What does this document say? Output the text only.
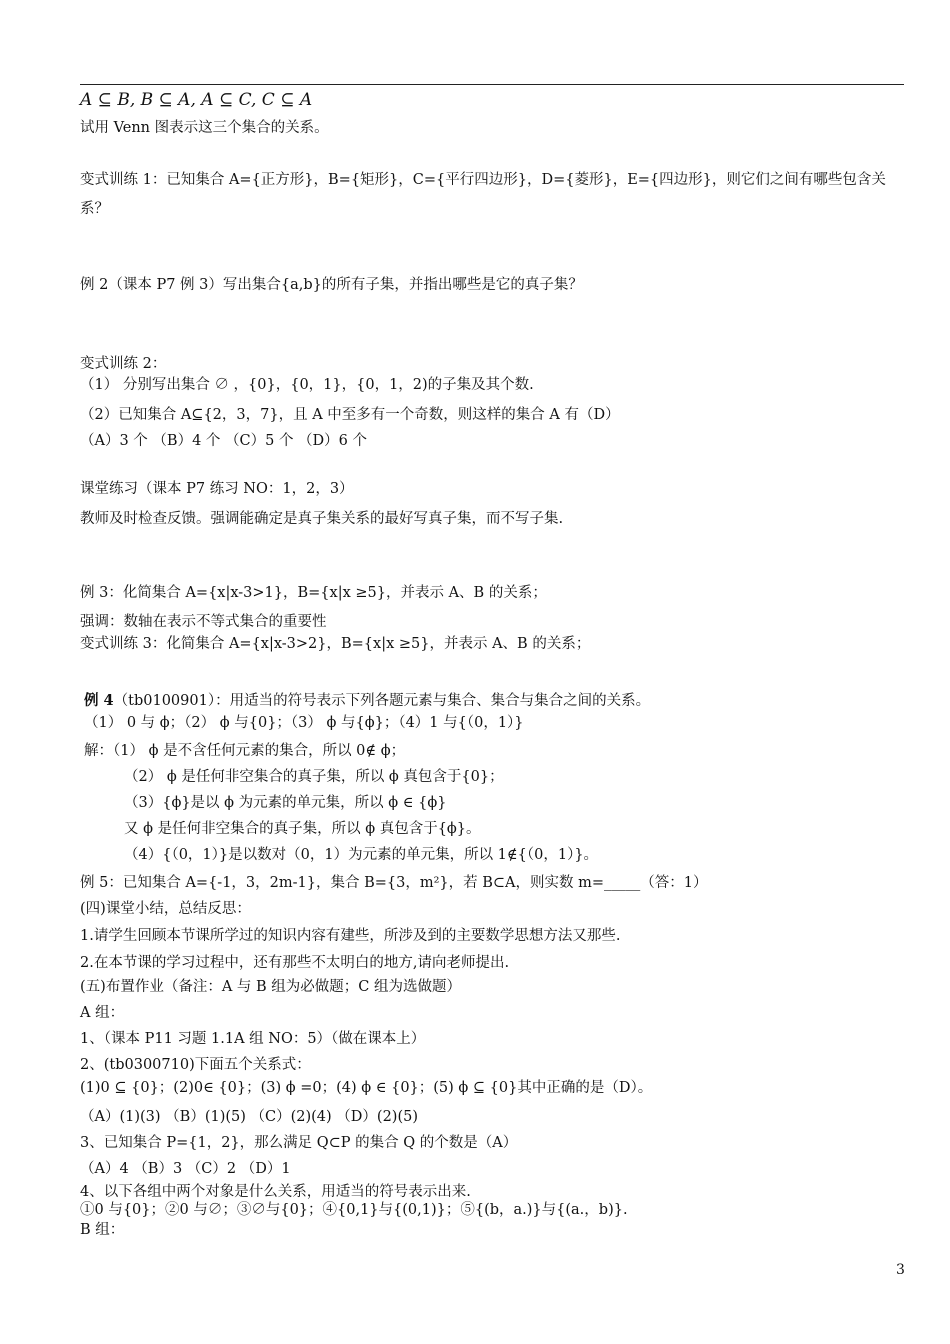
A ⊆ B, B ⊆ A, A ⊆ C, C ⊆ A
试用 Venn 图表示这三个集合的关系。
变式训练 1：已知集合 A={正方形}，B={矩形}，C={平行四边形}，D={菱形}，E={四边形}，则它们之间有哪些包含关
系？
例 2（课本 P7 例 3）写出集合{a,b}的所有子集，并指出哪些是它的真子集？
变式训练 2：
（1） 分别写出集合 ∅ ，{0}，{0，1}，{0，1，2)的子集及其个数.
（2）已知集合 A⊆{2，3，7}，且 A 中至多有一个奇数，则这样的集合 A 有（D）
（A）3 个 （B）4 个 （C）5 个 （D）6 个
课堂练习（课本 P7 练习 NO：1，2，3）
教师及时检查反馈。强调能确定是真子集关系的最好写真子集，而不写子集.
例 3：化简集合 A={x|x-3>1}，B={x|x ≥5}，并表示 A、B 的关系；
强调：数轴在表示不等式集合的重要性
变式训练 3：化简集合 A={x|x-3>2}，B={x|x ≥5}，并表示 A、B 的关系；
例 4（tb0100901）：用适当的符号表示下列各题元素与集合、集合与集合之间的关系。
（1） 0 与 ϕ；（2） ϕ 与{0}；（3） ϕ 与{ϕ}；（4）1 与{（0，1）}
解：（1） ϕ 是不含任何元素的集合，所以 0∉ ϕ；
（2） ϕ 是任何非空集合的真子集，所以 ϕ 真包含于{0}；
（3）{ϕ}是以 ϕ 为元素的单元集，所以 ϕ ∈ {ϕ}
又 ϕ 是任何非空集合的真子集，所以 ϕ 真包含于{ϕ}。
（4）{（0，1）}是以数对（0，1）为元素的单元集，所以 1∉{（0，1）}。
例 5：已知集合 A={-1，3，2m-1}，集合 B={3，m²}，若 B⊂A，则实数 m=_____（答：1）
(四)课堂小结，总结反思：
1.请学生回顾本节课所学过的知识内容有建些，所涉及到的主要数学思想方法又那些.
2.在本节课的学习过程中，还有那些不太明白的地方,请向老师提出.
(五)布置作业（备注：A 与 B 组为必做题；C 组为选做题）
A 组：
1、（课本 P11 习题 1.1A 组 NO：5）（做在课本上）
2、(tb0300710)下面五个关系式：
(1)0 ⊆ {0}；(2)0∈ {0}；(3) ϕ =0；(4) ϕ ∈ {0}；(5) ϕ ⊆ {0}其中正确的是（D）。
（A）(1)(3) （B）(1)(5) （C）(2)(4) （D）(2)(5)
3、已知集合 P={1，2}，那么满足 Q⊂P 的集合 Q 的个数是（A）
（A）4 （B）3 （C）2 （D）1
4、以下各组中两个对象是什么关系，用适当的符号表示出来.
①0 与{0}；②0 与∅；③∅与{0}；④{0,1}与{(0,1)}；⑤{(b，a.)}与{(a.，b)}.
B 组：
3
